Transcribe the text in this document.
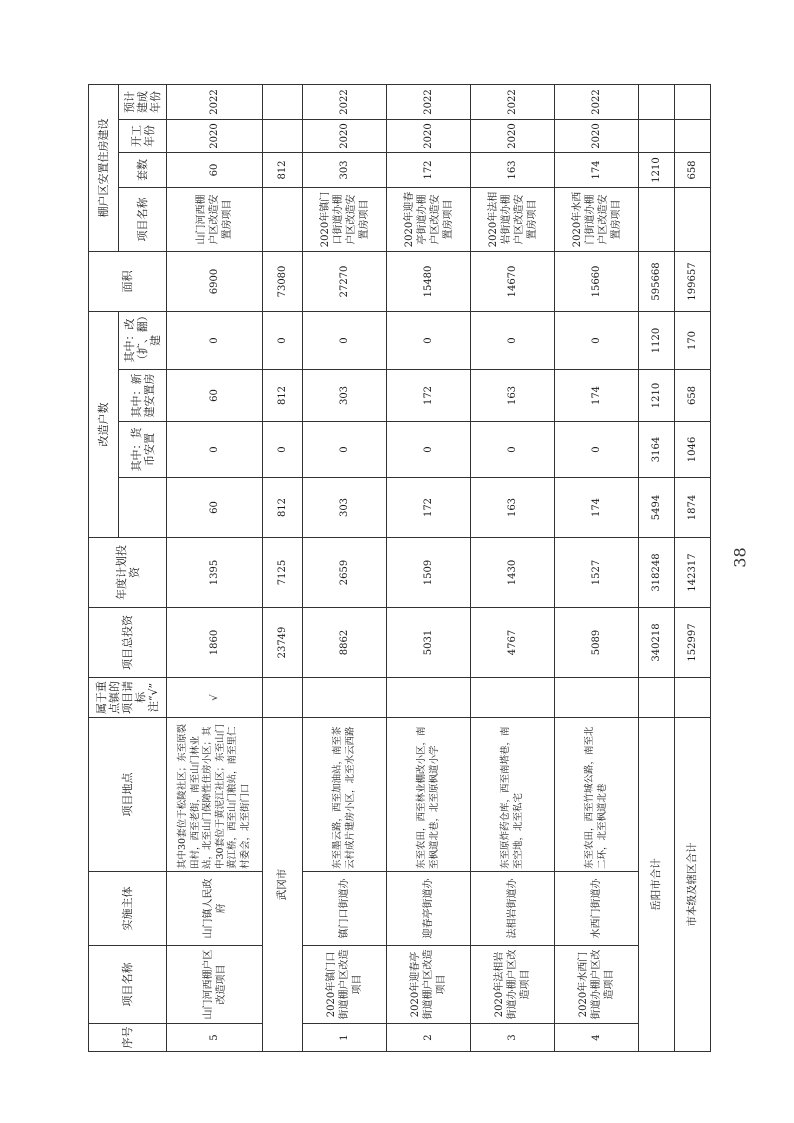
序号	项目名称	实施主体	项目地点	属于重点镇的项目请标注“√”	项目总投资	年度计划投资	改造户数				面积	棚户区安置住房建设			
								其中：货币安置	其中：新建安置房	其中：改（扩、翻）建		项目名称	套数	开工年份	预计建成年份
5	山门河西棚户区改造项目	山门镇人民政府	其中30套位于松陵社区；东至原裂田村，西至老街，南至山门林业站，北至山门保障性住房小区；其中30套位于黄泥江社区；东至山门黄江桥，西至山门粮站，南至里仁村委会，北至街门口	√	1860	1395	60	0	60	0	6900	山门河西棚户区改造安置房项目	60	2020	2022
武冈市					23749	7125	812	0	812	0	73080		812		
1	2020年镇门口街道棚户区改造项目	镇门口街道办	东至墨云路，西至加油站，南至茶云村成片建房小区，北至水云西路		8862	2659	303	0	303	0	27270	2020年镇门口街道办棚户区改造安置房项目	303	2020	2022
2	2020年迎春亭街道棚户区改造项目	迎春亭街道办	东至农田，西至林业棚改小区，南至枫道北巷，北至原枫道小学		5031	1509	172	0	172	0	15480	2020年迎春亭街道办棚户区改造安置房项目	172	2020	2022
3	2020年法相岩街道办棚户区改造项目	法相岩街道办	东至原炸药仓库，西至南塔巷，南至空地，北至私宅		4767	1430	163	0	163	0	14670	2020年法相岩街道办棚户区改造安置房项目	163	2020	2022
4	2020年水西门街道办棚户区改造项目	水西门街道办	东至农田，西至竹城公路，南至北二环，北至枫道北巷		5089	1527	174	0	174	0	15660	2020年水西门街道办棚户区改造安置房项目	174	2020	2022
岳阳市合计					340218	318248	5494	3164	1210	1120	595668		1210		
市本级及辖区合计					152997	142317	1874	1046	658	170	199657		658		
38
